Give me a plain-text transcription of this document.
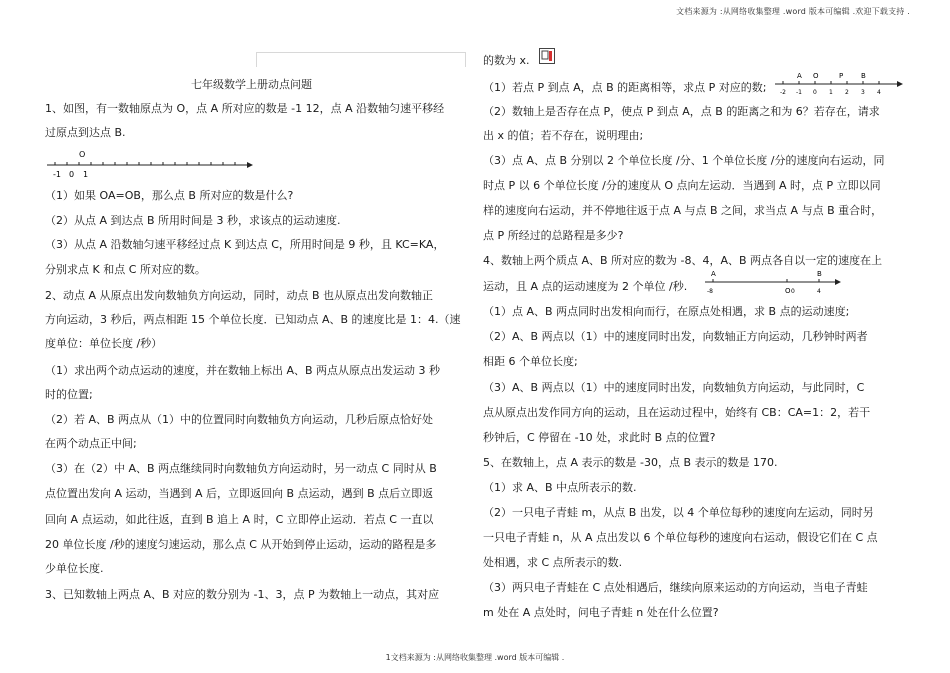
文档来源为 :从网络收集整理 .word 版本可编辑 .欢迎下载支持 .
七年级数学上册动点问题
1、如图，有一数轴原点为 O，点 A 所对应的数是 -1 12，点 A 沿数轴匀速平移经
过原点到达点 B.
O
-1 0 1
（1）如果 OA=OB，那么点 B 所对应的数是什么?
（2）从点 A 到达点 B 所用时间是 3 秒，求该点的运动速度.
（3）从点 A 沿数轴匀速平移经过点 K 到达点 C，所用时间是 9 秒，且 KC=KA，
分别求点 K 和点 C 所对应的数。
2、动点 A 从原点出发向数轴负方向运动，同时，动点 B 也从原点出发向数轴正
方向运动，3 秒后，两点相距 15 个单位长度．已知动点 A、B 的速度比是 1：4.（速
度单位：单位长度 /秒）
（1）求出两个动点运动的速度，并在数轴上标出 A、B 两点从原点出发运动 3 秒
时的位置;
（2）若 A、B 两点从（1）中的位置同时向数轴负方向运动，几秒后原点恰好处
在两个动点正中间;
（3）在（2）中 A、B 两点继续同时向数轴负方向运动时，另一动点 C 同时从 B
点位置出发向 A 运动，当遇到 A 后，立即返回向 B 点运动，遇到 B 点后立即返
回向 A 点运动，如此往返，直到 B 追上 A 时，C 立即停止运动．若点 C 一直以
20 单位长度 /秒的速度匀速运动，那么点 C 从开始到停止运动，运动的路程是多
少单位长度.
3、已知数轴上两点 A、B 对应的数分别为 -1、3，点 P 为数轴上一动点，其对应
的数为 x.
（1）若点 P 到点 A，点 B 的距离相等，求点 P 对应的数;
A O	P	B
-2 -1 0 1 2 3 4
（2）数轴上是否存在点 P，使点 P 到点 A，点 B 的距离之和为 6？若存在，请求
出 x 的值；若不存在，说明理由;
（3）点 A、点 B 分别以 2 个单位长度 /分、1 个单位长度 /分的速度向右运动，同
时点 P 以 6 个单位长度 /分的速度从 O 点向左运动．当遇到 A 时，点 P 立即以同
样的速度向右运动，并不停地往返于点 A 与点 B 之间，求当点 A 与点 B 重合时，
点 P 所经过的总路程是多少?
4、数轴上两个质点 A、B 所对应的数为 -8、4，A、B 两点各自以一定的速度在上
运动，且 A 点的运动速度为 2 个单位 /秒.
A
O
B
-8	0	4
（1）点 A、B 两点同时出发相向而行，在原点处相遇，求 B 点的运动速度;
（2）A、B 两点以（1）中的速度同时出发，向数轴正方向运动，几秒钟时两者
相距 6 个单位长度;
（3）A、B 两点以（1）中的速度同时出发，向数轴负方向运动，与此同时，C
点从原点出发作同方向的运动，且在运动过程中，始终有 CB：CA=1：2，若干
秒钟后，C 停留在 -10 处，求此时 B 点的位置?
5、在数轴上，点 A 表示的数是 -30，点 B 表示的数是 170.
（1）求 A、B 中点所表示的数.
（2）一只电子青蛙 m，从点 B 出发，以 4 个单位每秒的速度向左运动，同时另
一只电子青蛙 n，从 A 点出发以 6 个单位每秒的速度向右运动，假设它们在 C 点
处相遇，求 C 点所表示的数.
（3）两只电子青蛙在 C 点处相遇后，继续向原来运动的方向运动，当电子青蛙
m 处在 A 点处时，问电子青蛙 n 处在什么位置?
1文档来源为 :从网络收集整理 .word 版本可编辑 .
